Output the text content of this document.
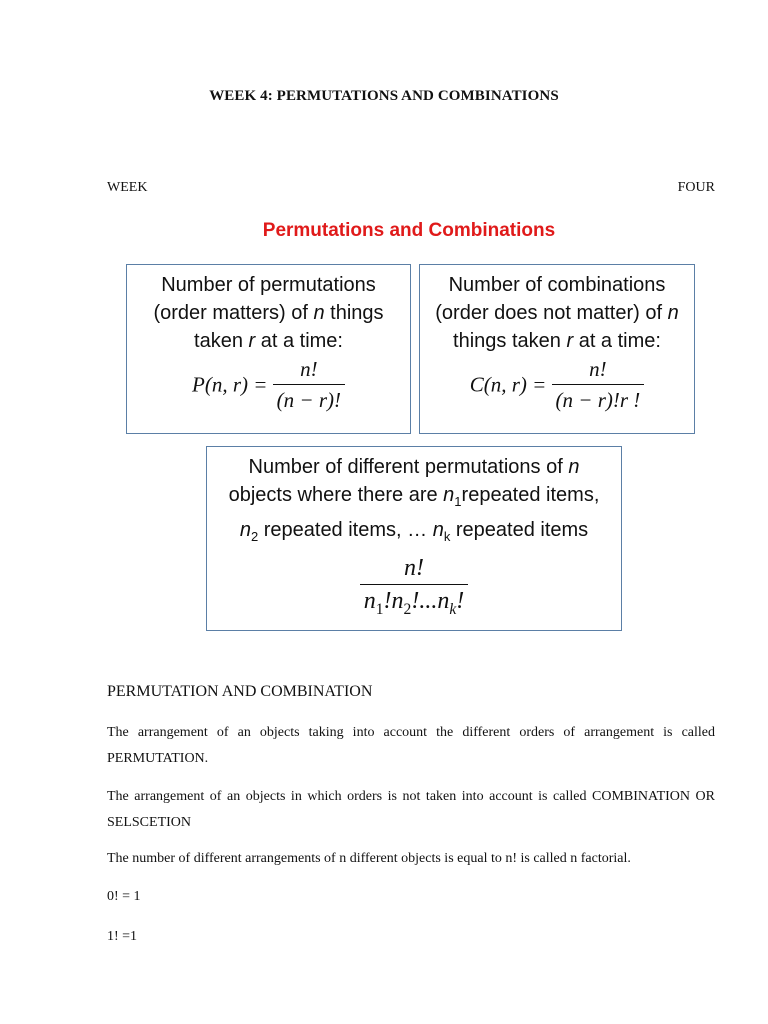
WEEK 4: PERMUTATIONS AND COMBINATIONS
WEEK	FOUR
Permutations and Combinations
Number of permutations
(order matters) of n things
taken r at a time:
P(n, $r) = \frac{n!}{(n - r)!}$
Number of combinations
(order does not matter) of n
things taken r at a time:
C(n, $r) = \frac{n!}{(n - r)!r !}$
Number of different permutations of n
objects where there are $n_1repeated$ items,
$n_2$ repeated items, … $n_k$ repeated items
$\frac{n!}{n_1!n_2!...n_k!}$
PERMUTATION AND COMBINATION
The arrangement of an objects taking into account the different orders of arrangement is called PERMUTATION.
The arrangement of an objects in which orders is not taken into account is called COMBINATION OR SELSCETION
The number of different arrangements of n different objects is equal to n! is called n factorial.
0! = 1
1! =1
